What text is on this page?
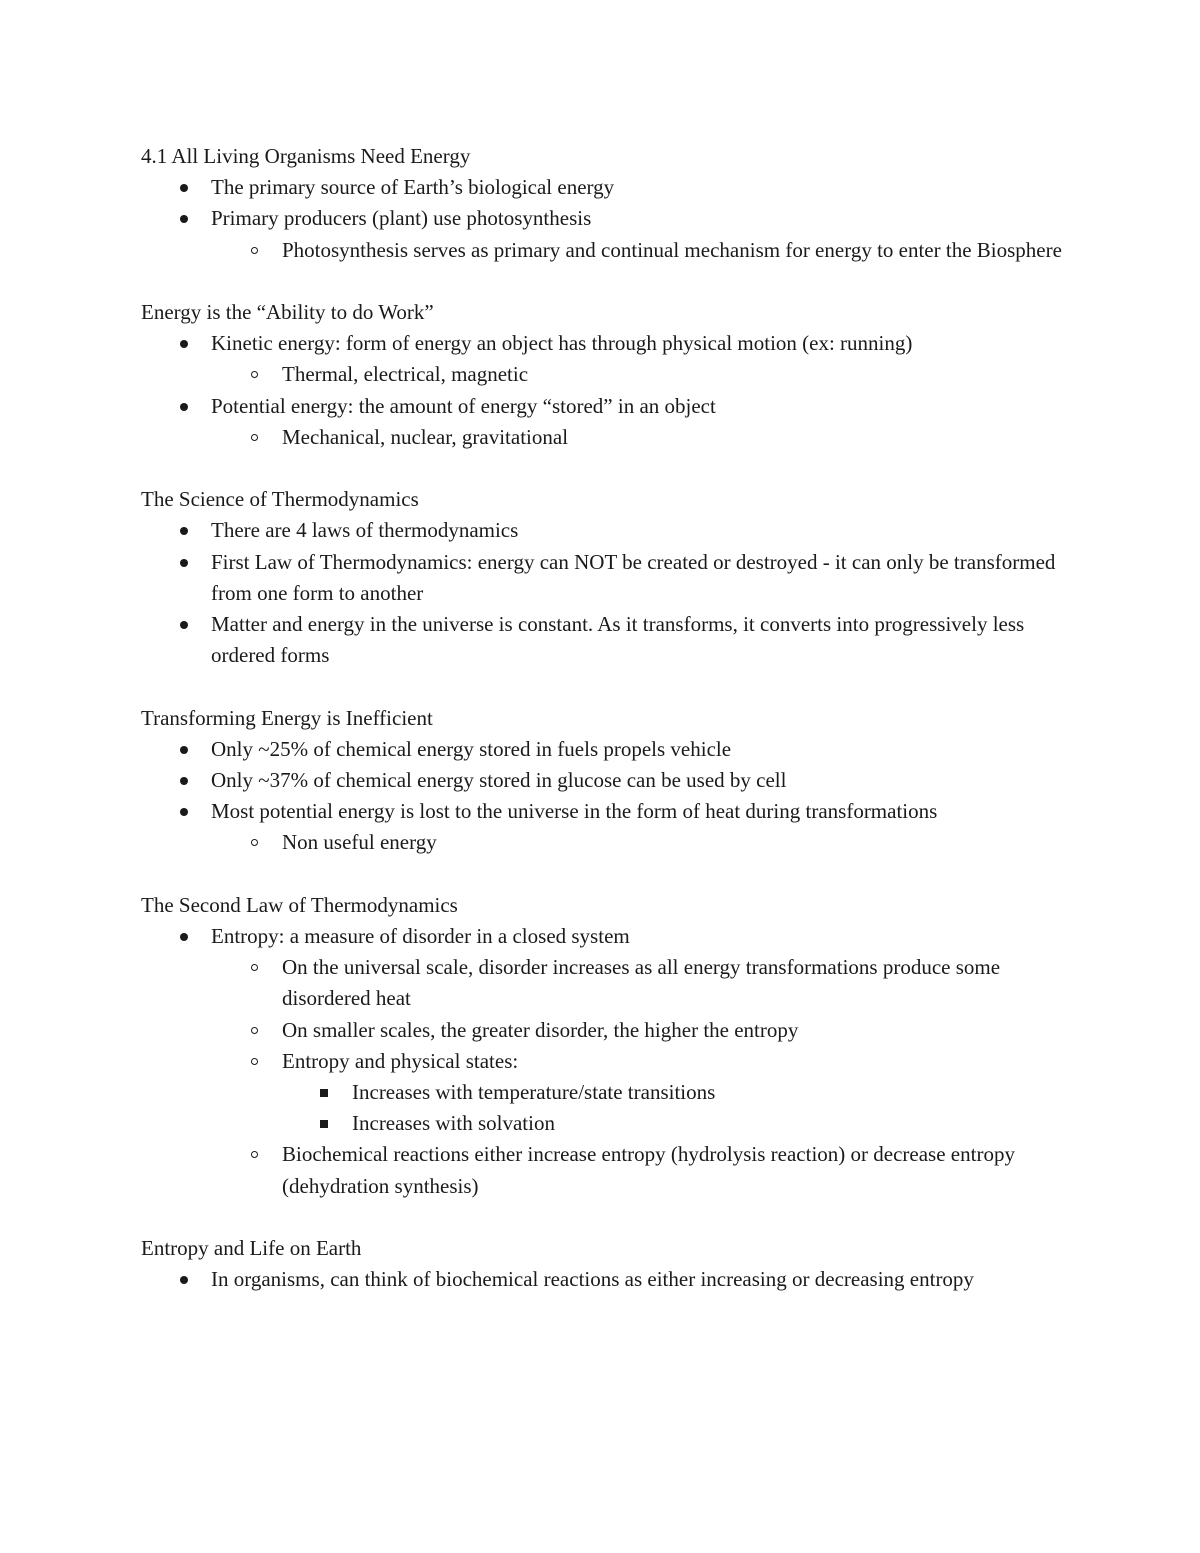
4.1 All Living Organisms Need Energy
The primary source of Earth’s biological energy
Primary producers (plant) use photosynthesis
Photosynthesis serves as primary and continual mechanism for energy to enter the Biosphere
Energy is the “Ability to do Work”
Kinetic energy: form of energy an object has through physical motion (ex: running)
Thermal, electrical, magnetic
Potential energy: the amount of energy “stored” in an object
Mechanical, nuclear, gravitational
The Science of Thermodynamics
There are 4 laws of thermodynamics
First Law of Thermodynamics: energy can NOT be created or destroyed - it can only be transformed from one form to another
Matter and energy in the universe is constant. As it transforms, it converts into progressively less ordered forms
Transforming Energy is Inefficient
Only ~25% of chemical energy stored in fuels propels vehicle
Only ~37% of chemical energy stored in glucose can be used by cell
Most potential energy is lost to the universe in the form of heat during transformations
Non useful energy
The Second Law of Thermodynamics
Entropy: a measure of disorder in a closed system
On the universal scale, disorder increases as all energy transformations produce some disordered heat
On smaller scales, the greater disorder, the higher the entropy
Entropy and physical states:
Increases with temperature/state transitions
Increases with solvation
Biochemical reactions either increase entropy (hydrolysis reaction) or decrease entropy (dehydration synthesis)
Entropy and Life on Earth
In organisms, can think of biochemical reactions as either increasing or decreasing entropy
